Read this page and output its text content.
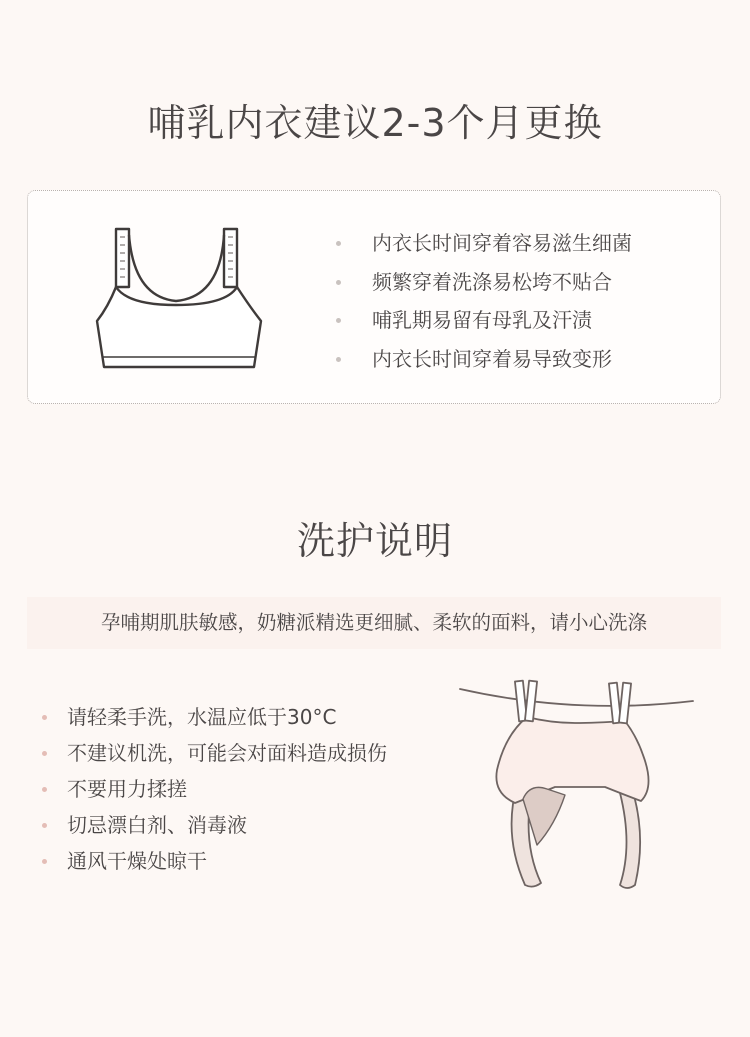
哺乳内衣建议2-3个月更换
内衣长时间穿着容易滋生细菌
频繁穿着洗涤易松垮不贴合
哺乳期易留有母乳及汗渍
内衣长时间穿着易导致变形
洗护说明
孕哺期肌肤敏感，奶糖派精选更细腻、柔软的面料，请小心洗涤
请轻柔手洗，水温应低于30°C
不建议机洗，可能会对面料造成损伤
不要用力揉搓
切忌漂白剂、消毒液
通风干燥处晾干
